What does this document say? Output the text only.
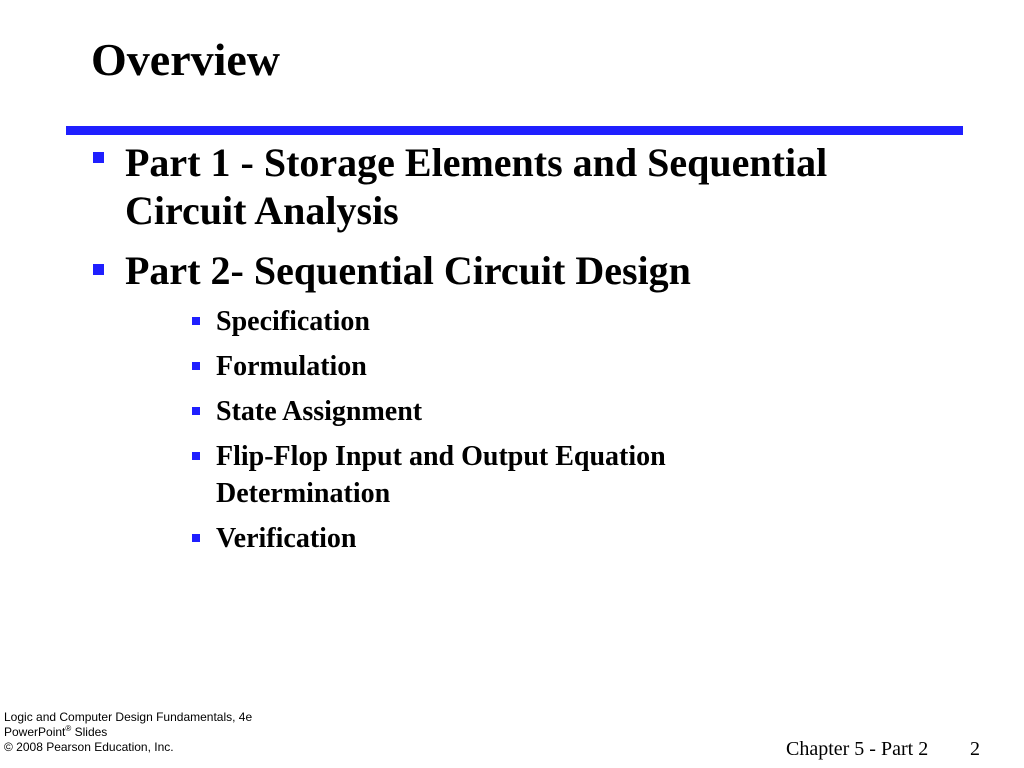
Overview
Part 1 - Storage Elements and Sequential
Circuit Analysis
Part 2- Sequential Circuit Design
Specification
Formulation
State Assignment
Flip-Flop Input and Output Equation
Determination
Verification
Logic and Computer Design Fundamentals, 4e
PowerPoint® Slides
© 2008 Pearson Education, Inc.	Chapter 5 - Part 2 2
